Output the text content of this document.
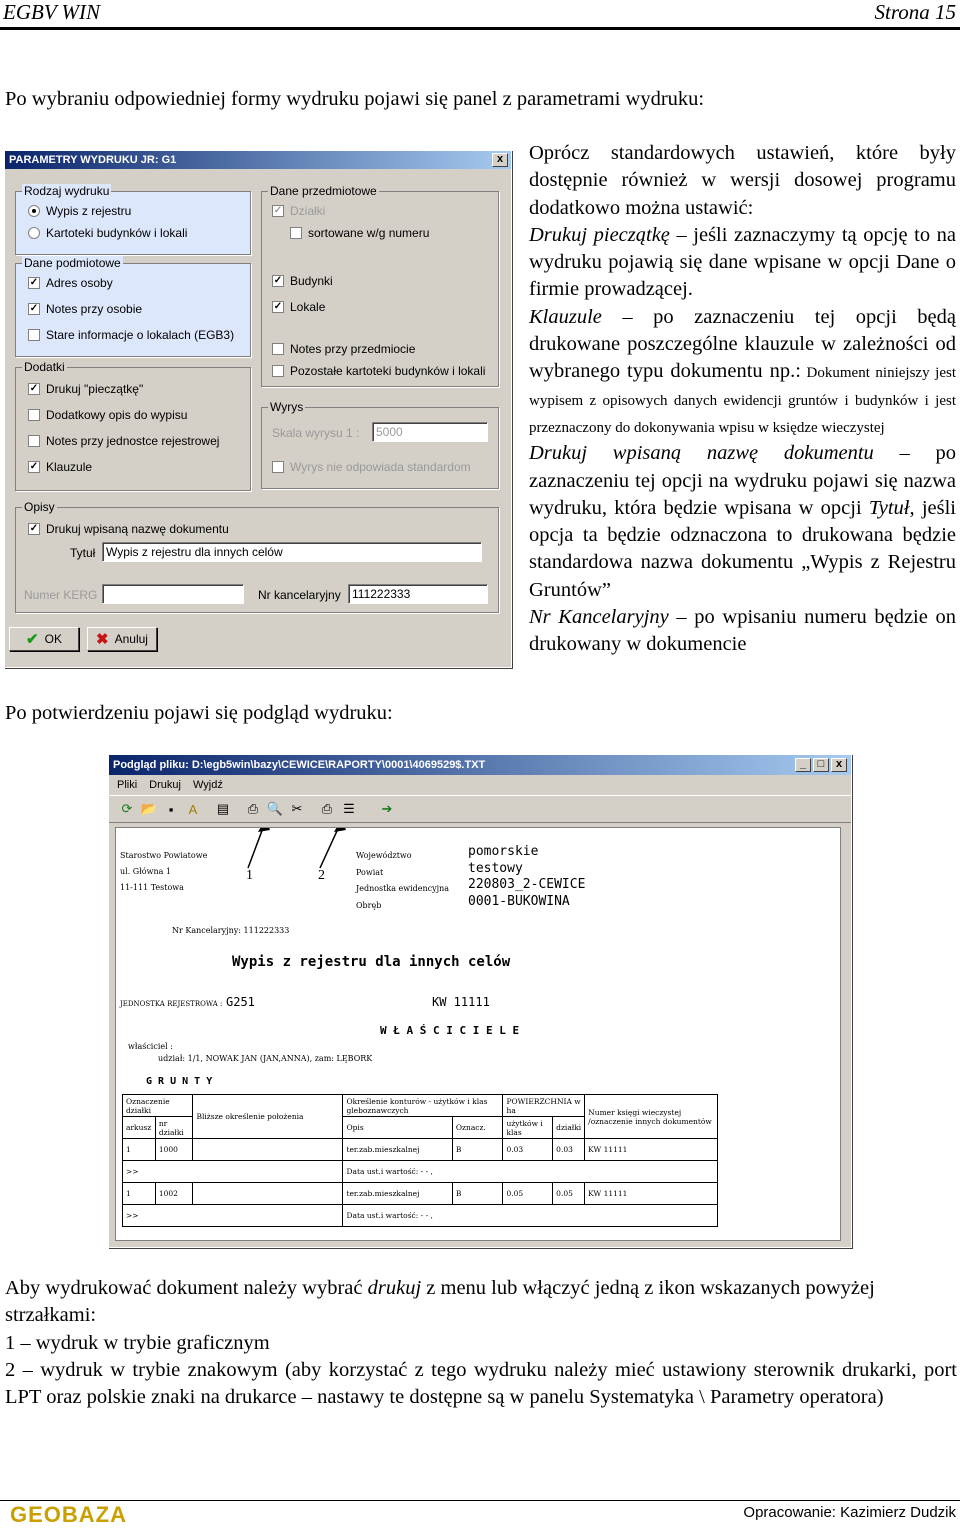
EGBV WIN	Strona 15
Po wybraniu odpowiedniej formy wydruku pojawi się panel z parametrami wydruku:
PARAMETRY WYDRUKU JR: G1	x
Rodzaj wydruku
Wypis z rejestru
Kartoteki budynków i lokali
Dane podmiotowe
✓ Adres osoby
✓ Notes przy osobie
Stare informacje o lokalach (EGB3)
Dodatki
✓ Drukuj "pieczątkę"
Dodatkowy opis do wypisu
Notes przy jednostce rejestrowej
✓ Klauzule
Dane przedmiotowe
✓ Działki
sortowane w/g numeru
✓ Budynki
✓ Lokale
Notes przy przedmiocie
Pozostałe kartoteki budynków i lokali
Wyrys
Skala wyrysu 1 :	5000
Wyrys nie odpowiada standardom
Opisy
✓ Drukuj wpisaną nazwę dokumentu
Tytuł Wypis z rejestru dla innych celów
Numer KERG	Nr kancelaryjny 111222333
✔ OK ✖ Anuluj
Oprócz standardowych ustawień, które były dostępnie również w wersji dosowej programu dodatkowo można ustawić:
Drukuj pieczątkę – jeśli zaznaczymy tą opcję to na wydruku pojawią się dane wpisane w opcji Dane o firmie prowadzącej.
Klauzule – po zaznaczeniu tej opcji będą drukowane poszczególne klauzule w zależności od wybranego typu dokumentu np.: Dokument niniejszy jest wypisem z opisowych danych ewidencji gruntów i budynków i jest przeznaczony do dokonywania wpisu w księdze wieczystej
Drukuj wpisaną nazwę dokumentu – po zaznaczeniu tej opcji na wydruku pojawi się nazwa wydruku, która będzie wpisana w opcji Tytuł, jeśli opcja ta będzie odznaczona to drukowana będzie standardowa nazwa dokumentu „Wypis z Rejestru Gruntów”
Nr Kancelaryjny – po wpisaniu numeru będzie on drukowany w dokumencie
Po potwierdzeniu pojawi się podgląd wydruku:
Podgląd pliku: D:\egb5win\bazy\CEWICE\RAPORTY\0001\4069529$.TXT	_	□	x
Pliki Drukuj Wyjdź
⟳ 📂 ▪	A	▤	⎙ 🔍 ✂	⎙ ☰	➔
Starostwo Powiatowe
ul. Główna 1
11-111 Testowa
Województwo
Powiat
Jednostka ewidencyjna
Obręb
pomorskie
testowy
220803_2-CEWICE
0001-BUKOWINA
1	2
Nr Kancelaryjny: 111222333
Wypis z rejestru dla innych celów
JEDNOSTKA REJESTROWA : G251	KW 11111
W Ł A Ś C I C I E L E
właściciel :
udział: 1/1, NOWAK JAN (JAN,ANNA), zam: LĘBORK
G R U N T Y
Oznaczenie działki		Bliższe określenie położenia	Określenie konturów - użytków i klas gleboznawczych		POWIERZCHNIA w ha		Numer księgi wieczystej /oznaczenie innych dokumentów
arkusz	nr działki		Opis	Oznacz.	użytków i klas	działki	
1	1000		ter.zab.mieszkalnej	B	0.03	0.03	KW 11111
>>			Data ust.i wartość: - - ,				
1	1002		ter.zab.mieszkalnej	B	0.05	0.05	KW 11111
>>			Data ust.i wartość: - - ,				
Aby wydrukować dokument należy wybrać drukuj z menu lub włączyć jedną z ikon wskazanych powyżej strzałkami:
1 – wydruk w trybie graficznym
2 – wydruk w trybie znakowym (aby korzystać z tego wydruku należy mieć ustawiony sterownik drukarki, port LPT oraz polskie znaki na drukarce – nastawy te dostępne są w panelu Systematyka \ Parametry operatora)
GEOBAZA	Opracowanie: Kazimierz Dudzik
